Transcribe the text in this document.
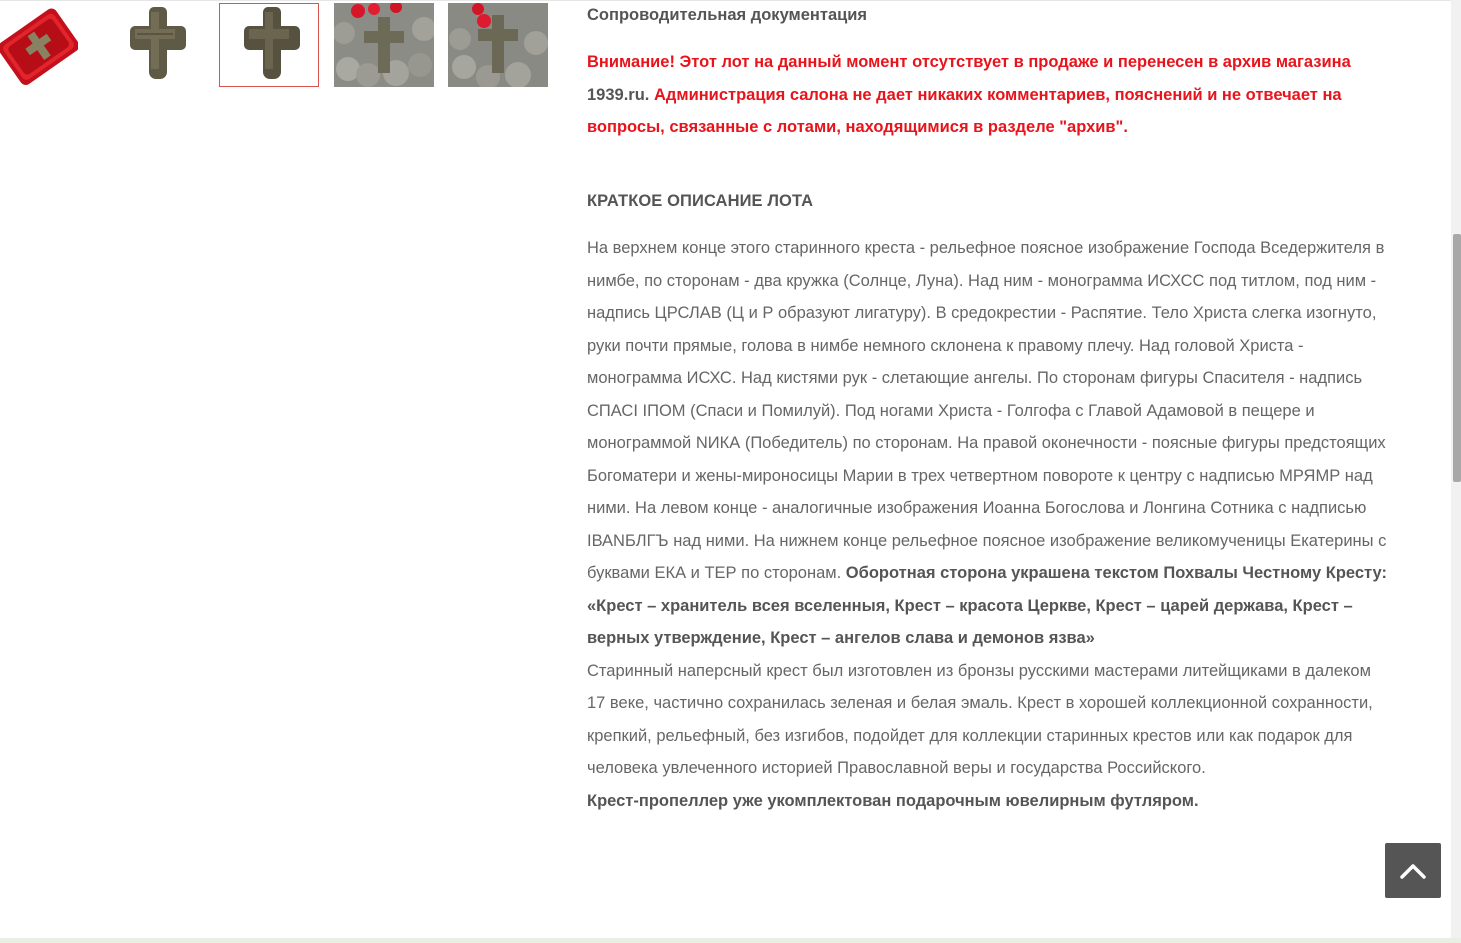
Сопроводительная документация
Внимание! Этот лот на данный момент отсутствует в продаже и перенесен в архив магазина 1939.ru. Администрация салона не дает никаких комментариев, пояснений и не отвечает на вопросы, связанные с лотами, находящимися в разделе "архив".
КРАТКОЕ ОПИСАНИЕ ЛОТА

На верхнем конце этого старинного креста - рельефное поясное изображение Господа Вседержителя в нимбе, по сторонам - два кружка (Солнце, Луна). Над ним - монограмма ИСХСС под титлом, под ним - надпись ЦРСЛАВ (Ц и Р образуют лигатуру). В средокрестии - Распятие. Тело Христа слегка изогнуто, руки почти прямые, голова в нимбе немного склонена к правому плечу. Над головой Христа - монограмма ИСХС. Над кистями рук - слетающие ангелы. По сторонам фигуры Спасителя - надпись СПАСI IПОМ (Спаси и Помилуй). Под ногами Христа - Голгофа с Главой Адамовой в пещере и монограммой NИКА (Победитель) по сторонам. На правой оконечности - поясные фигуры предстоящих Богоматери и жены-мироносицы Марии в трех четвертном повороте к центру с надписью МРЯМР над ними. На левом конце - аналогичные изображения Иоанна Богослова и Лонгина Сотника с надписью IВАNБЛГЪ над ними. На нижнем конце рельефное поясное изображение великомученицы Екатерины с буквами ЕКА и ТЕР по сторонам. Оборотная сторона украшена текстом Похвалы Честному Кресту: «Крест – хранитель всея вселенныя, Крест – красота Церкве, Крест – царей держава, Крест – верных утверждение, Крест – ангелов слава и демонов язва»

Старинный наперсный крест был изготовлен из бронзы русскими мастерами литейщиками в далеком 17 веке, частично сохранилась зеленая и белая эмаль. Крест в хорошей коллекционной сохранности, крепкий, рельефный, без изгибов, подойдет для коллекции старинных крестов или как подарок для человека увлеченного историей Православной веры и государства Российского.

Крест-пропеллер уже укомплектован подарочным ювелирным футляром.
